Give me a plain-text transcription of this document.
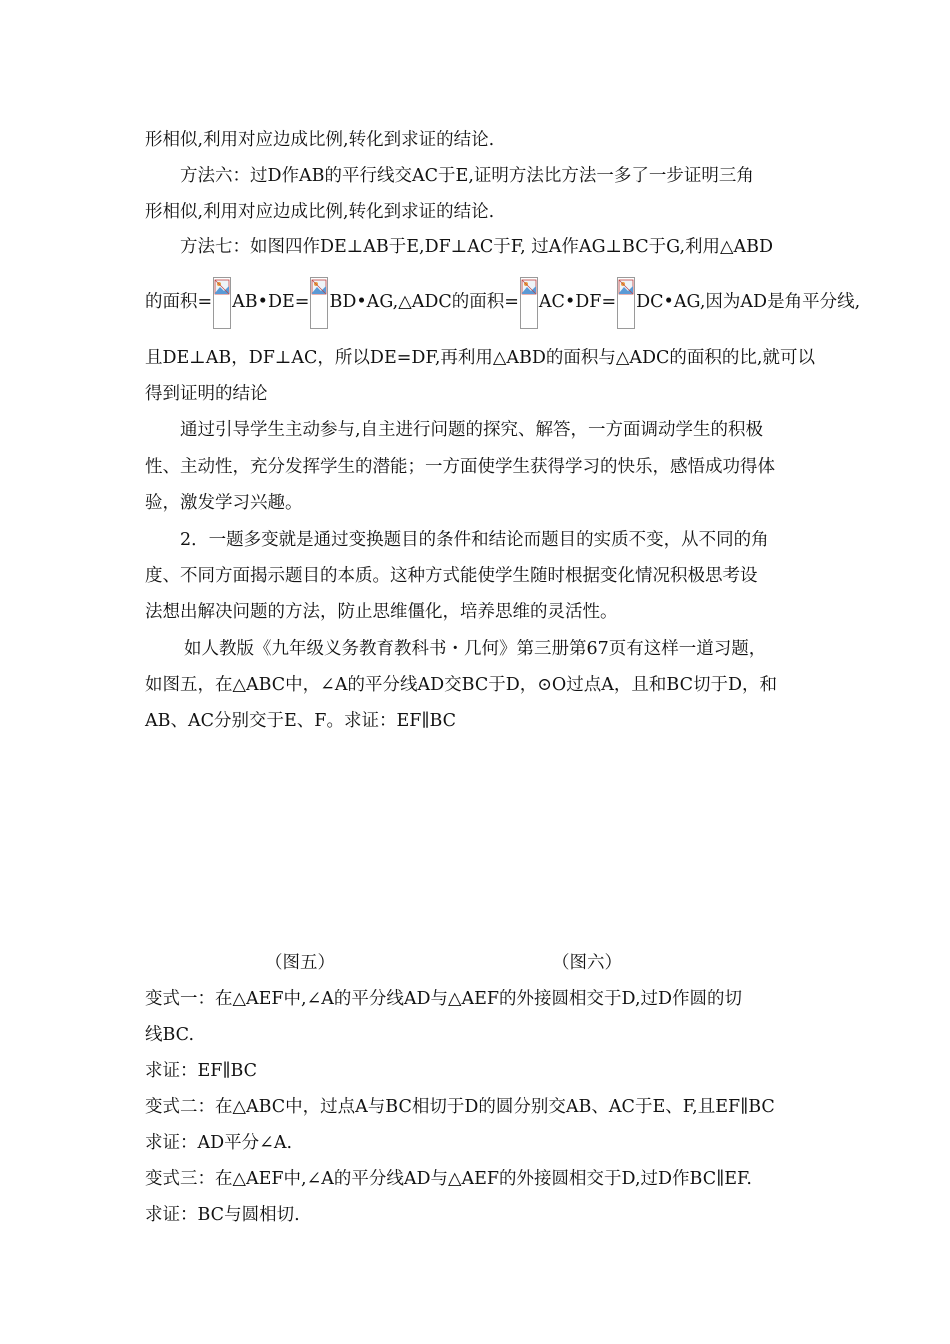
形相似,利用对应边成比例,转化到求证的结论.
方法六：过D作AB的平行线交AC于E,证明方法比方法一多了一步证明三角
形相似,利用对应边成比例,转化到求证的结论.
方法七：如图四作DE⊥AB于E,DF⊥AC于F, 过A作AG⊥BC于G,利用△ABD
的面积= AB•DE= BD•AG,△ADC的面积= AC•DF= DC•AG,因为AD是角平分线,
且DE⊥AB，DF⊥AC，所以DE=DF,再利用△ABD的面积与△ADC的面积的比,就可以
得到证明的结论
通过引导学生主动参与,自主进行问题的探究、解答，一方面调动学生的积极
性、主动性，充分发挥学生的潜能；一方面使学生获得学习的快乐，感悟成功得体
验，激发学习兴趣。
2．一题多变就是通过变换题目的条件和结论而题目的实质不变，从不同的角
度、不同方面揭示题目的本质。这种方式能使学生随时根据变化情况积极思考设
法想出解决问题的方法，防止思维僵化，培养思维的灵活性。
如人教版《九年级义务教育教科书・几何》第三册第67页有这样一道习题，
如图五，在△ABC中，∠A的平分线AD交BC于D，⊙O过点A，且和BC切于D，和
AB、AC分别交于E、F。求证：EF∥BC
（图五）	（图六）
变式一：在△AEF中,∠A的平分线AD与△AEF的外接圆相交于D,过D作圆的切
线BC.
求证：EF∥BC
变式二：在△ABC中，过点A与BC相切于D的圆分别交AB、AC于E、F,且EF∥BC
求证：AD平分∠A.
变式三：在△AEF中,∠A的平分线AD与△AEF的外接圆相交于D,过D作BC∥EF.
求证：BC与圆相切.
